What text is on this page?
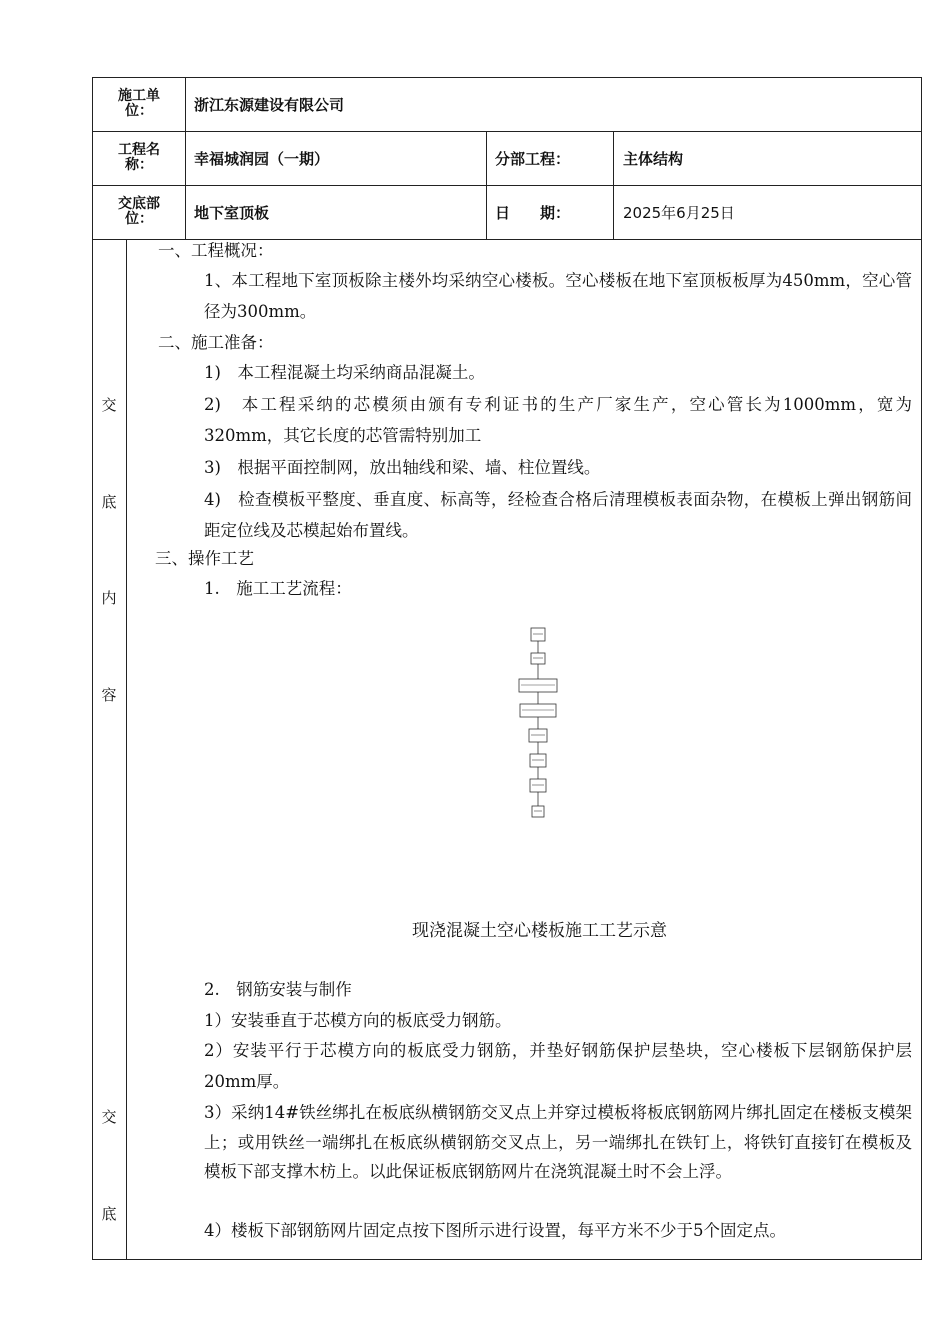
施工单位：	浙江东源建设有限公司
工程名称：	幸福城润园（一期）	分部工程：	主体结构
交底部位：	地下室顶板	日　　期：	2025年6月25日
交
底
内
容
交
底
一、工程概况：
1、本工程地下室顶板除主楼外均采纳空心楼板。空心楼板在地下室顶板板厚为450mm，空心管径为300mm。
二、施工准备：
1)　本工程混凝土均采纳商品混凝土。
2)　本工程采纳的芯模须由颁有专利证书的生产厂家生产，空心管长为1000mm，宽为320mm，其它长度的芯管需特别加工
3)　根据平面控制网，放出轴线和梁、墙、柱位置线。
4)　检查模板平整度、垂直度、标高等，经检查合格后清理模板表面杂物，在模板上弹出钢筋间距定位线及芯模起始布置线。
三、操作工艺
1.　施工工艺流程：
2.　钢筋安装与制作
1）安装垂直于芯模方向的板底受力钢筋。
2）安装平行于芯模方向的板底受力钢筋，并垫好钢筋保护层垫块，空心楼板下层钢筋保护层20mm厚。
3）采纳14#铁丝绑扎在板底纵横钢筋交叉点上并穿过模板将板底钢筋网片绑扎固定在楼板支模架上；或用铁丝一端绑扎在板底纵横钢筋交叉点上，另一端绑扎在铁钉上，将铁钉直接钉在模板及模板下部支撑木枋上。以此保证板底钢筋网片在浇筑混凝土时不会上浮。
4）楼板下部钢筋网片固定点按下图所示进行设置，每平方米不少于5个固定点。
现浇混凝土空心楼板施工工艺示意
